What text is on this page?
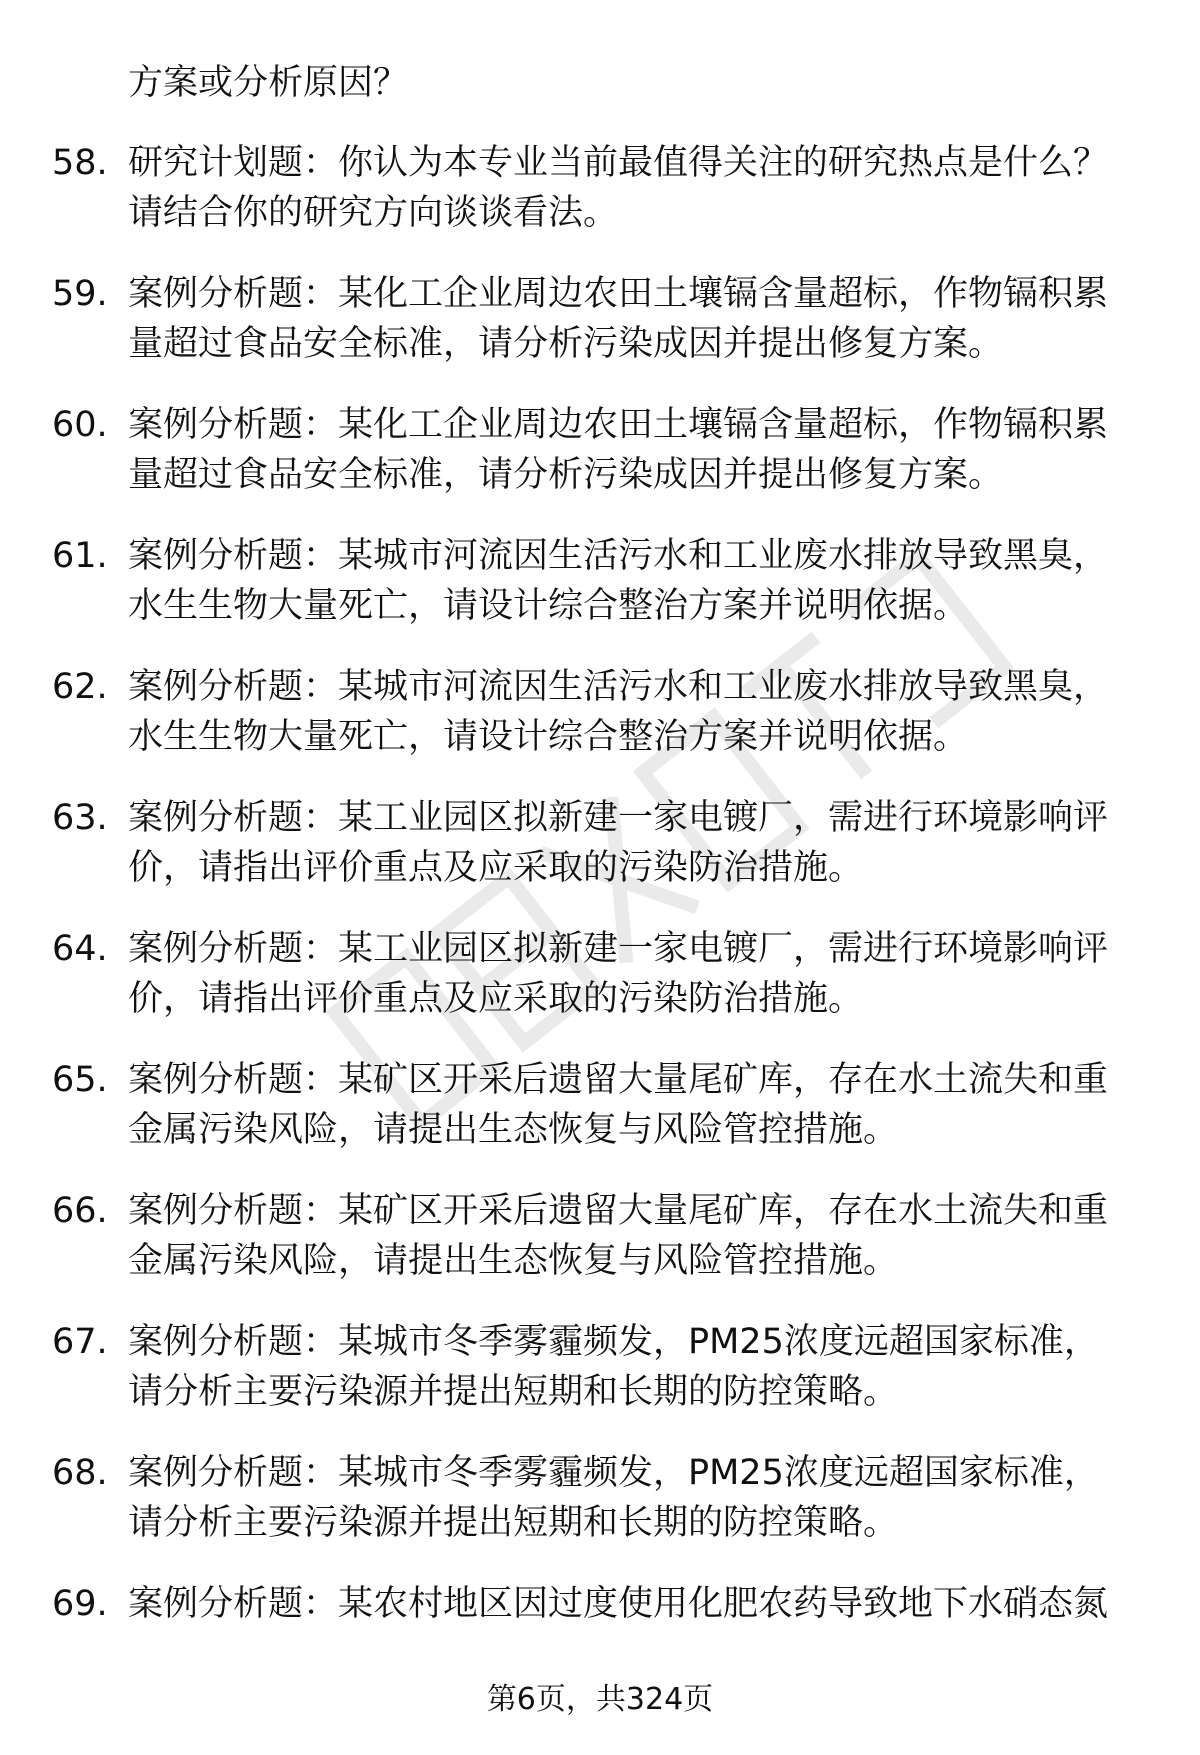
方案或分析原因？
58. 研究计划题：你认为本专业当前最值得关注的研究热点是什么？
请结合你的研究方向谈谈看法。
59. 案例分析题：某化工企业周边农田土壤镉含量超标，作物镉积累
量超过食品安全标准，请分析污染成因并提出修复方案。
60. 案例分析题：某化工企业周边农田土壤镉含量超标，作物镉积累
量超过食品安全标准，请分析污染成因并提出修复方案。
61. 案例分析题：某城市河流因生活污水和工业废水排放导致黑臭，
水生生物大量死亡，请设计综合整治方案并说明依据。
62. 案例分析题：某城市河流因生活污水和工业废水排放导致黑臭，
水生生物大量死亡，请设计综合整治方案并说明依据。
63. 案例分析题：某工业园区拟新建一家电镀厂，需进行环境影响评
价，请指出评价重点及应采取的污染防治措施。
64. 案例分析题：某工业园区拟新建一家电镀厂，需进行环境影响评
价，请指出评价重点及应采取的污染防治措施。
65. 案例分析题：某矿区开采后遗留大量尾矿库，存在水土流失和重
金属污染风险，请提出生态恢复与风险管控措施。
66. 案例分析题：某矿区开采后遗留大量尾矿库，存在水土流失和重
金属污染风险，请提出生态恢复与风险管控措施。
67. 案例分析题：某城市冬季雾霾频发，PM25浓度远超国家标准，
请分析主要污染源并提出短期和长期的防控策略。
68. 案例分析题：某城市冬季雾霾频发，PM25浓度远超国家标准，
请分析主要污染源并提出短期和长期的防控策略。
69. 案例分析题：某农村地区因过度使用化肥农药导致地下水硝态氮
第6页，共324页
